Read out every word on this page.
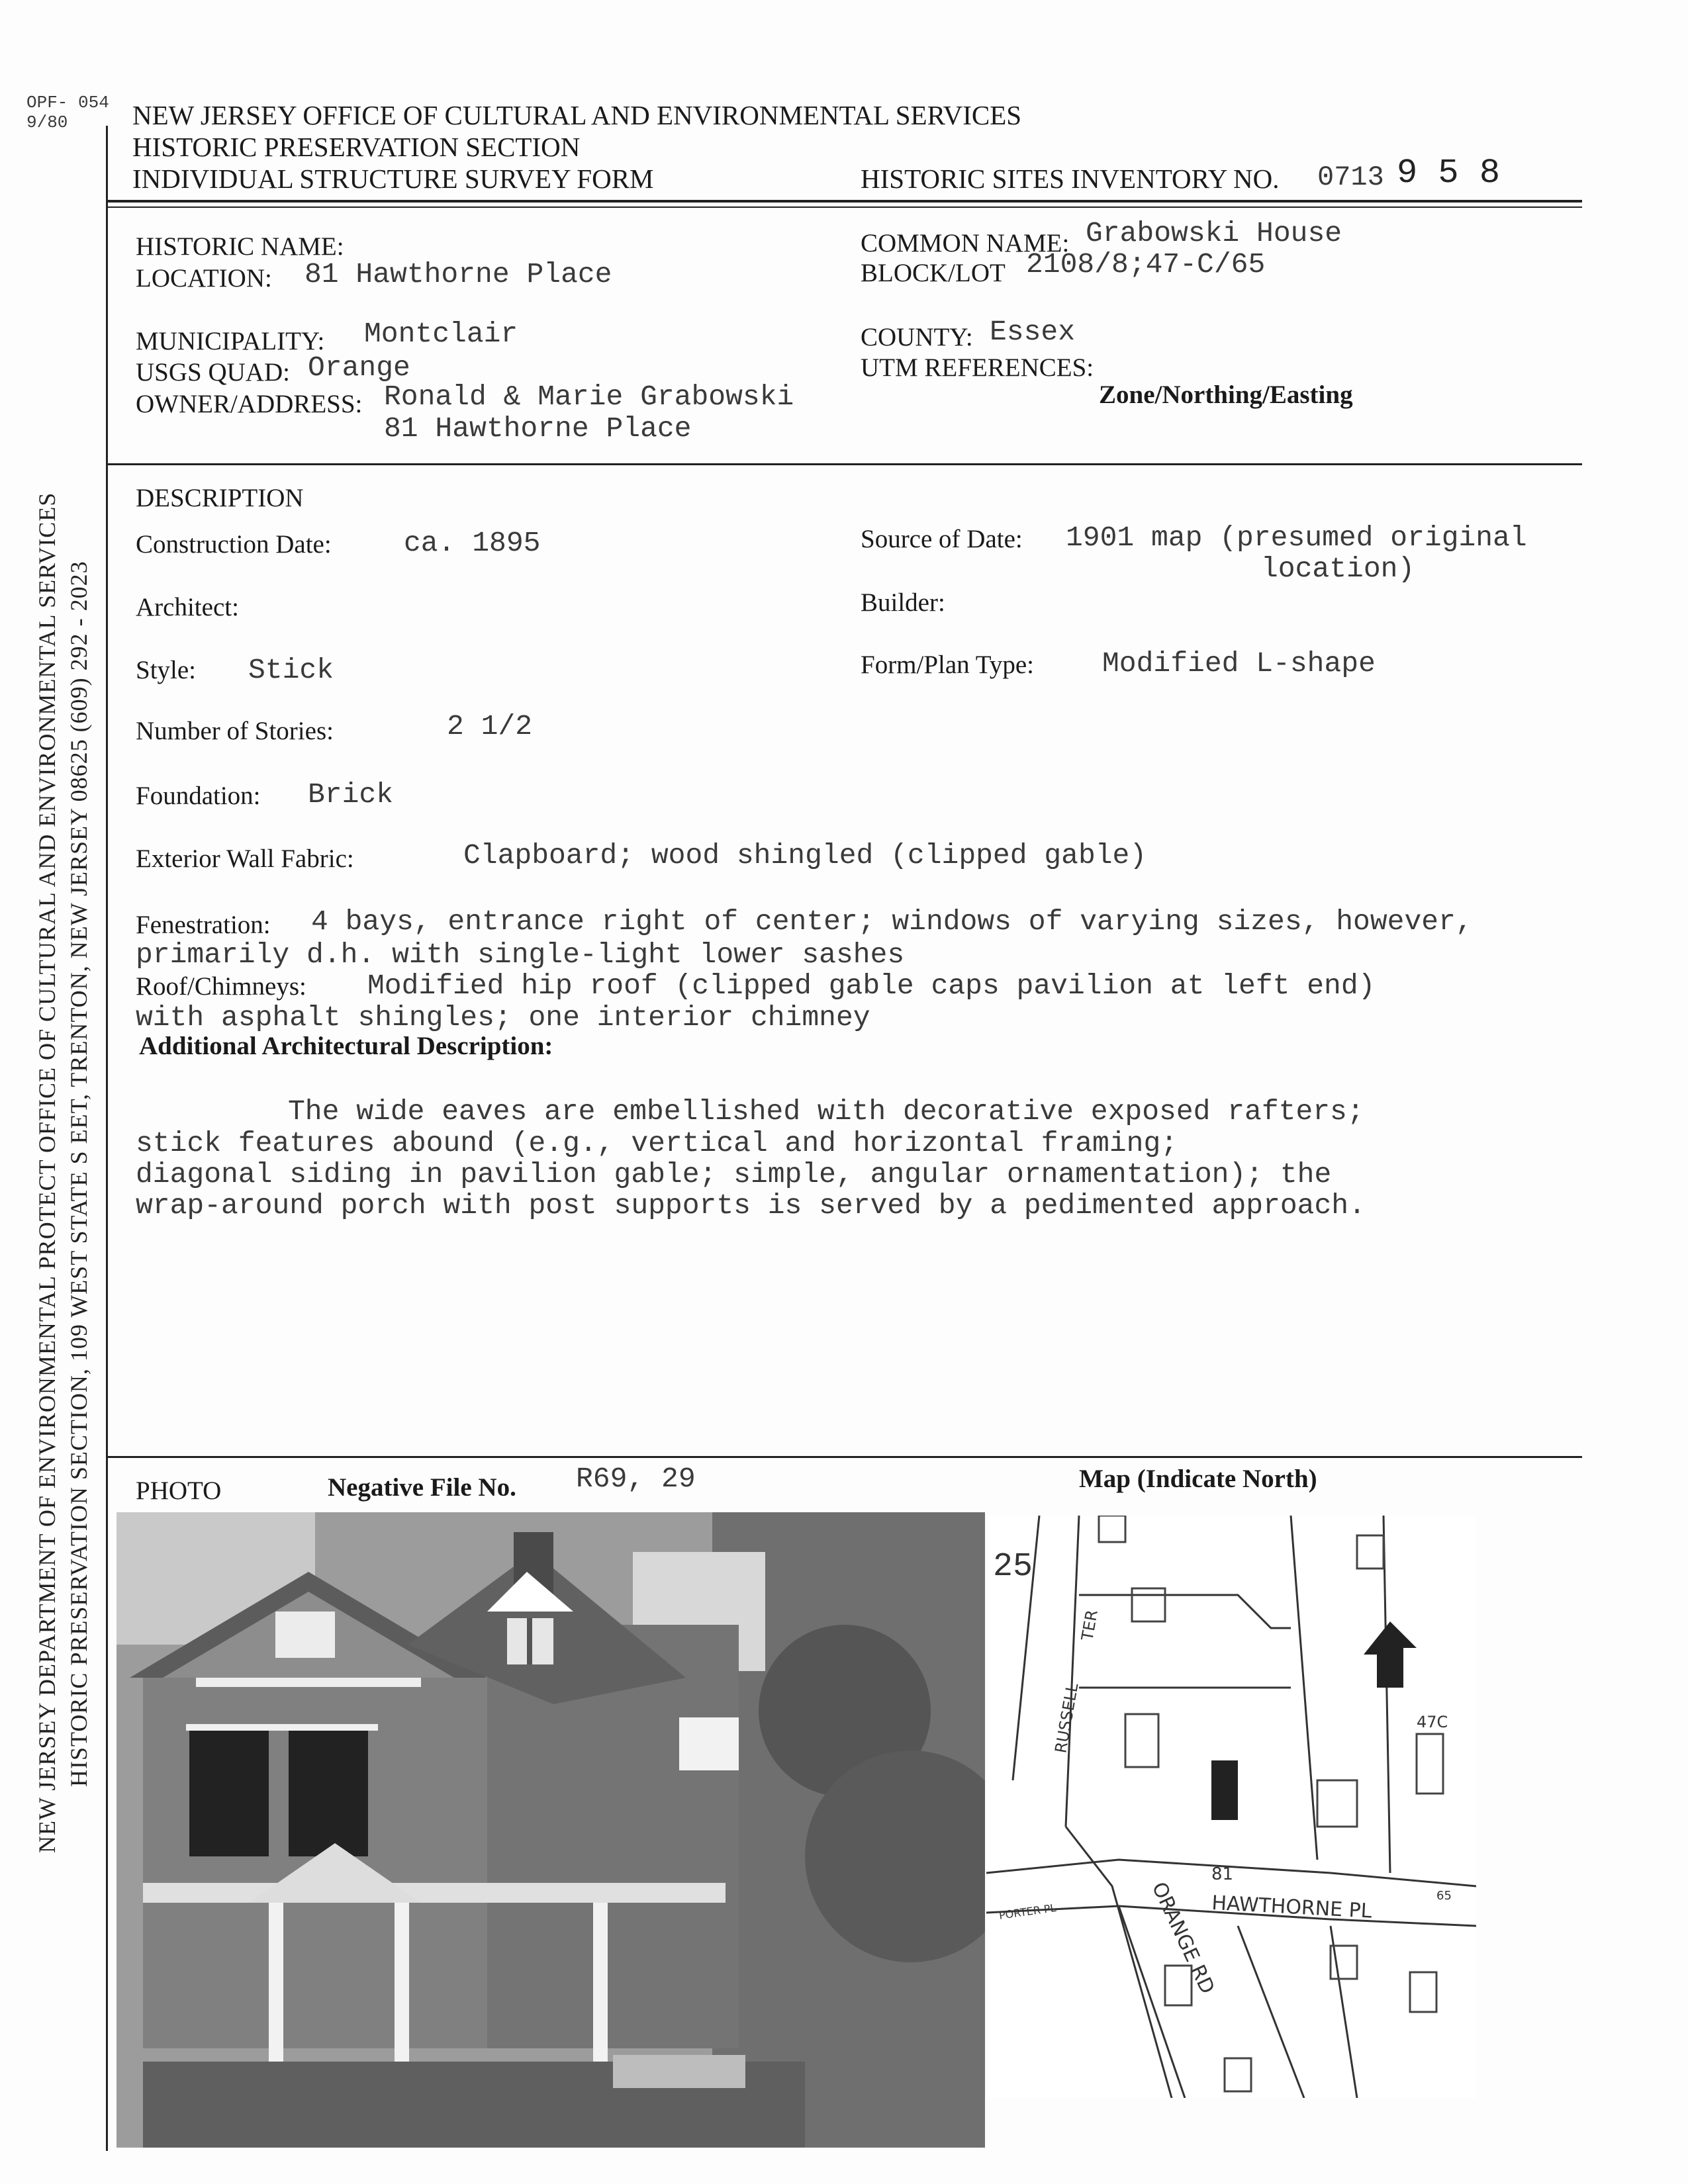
OPF- 054
9/80 NEW JERSEY OFFICE OF CULTURAL AND ENVIRONMENTAL SERVICES
HISTORIC PRESERVATION SECTION
INDIVIDUAL STRUCTURE SURVEY FORM	HISTORIC SITES INVENTORY NO. 0713 9 5 8
HISTORIC NAME:
LOCATION: 81 Hawthorne Place
COMMON NAME: Grabowski House
BLOCK/LOT 2108/8;47-C/65
MUNICIPALITY: Montclair	COUNTY: Essex
USGS QUAD: Orange	UTM REFERENCES:
Zone/Northing/Easting
OWNER/ADDRESS: Ronald & Marie Grabowski
81 Hawthorne Place
DESCRIPTION
Construction Date:	ca. 1895	Source of Date: 1901 map (presumed original
location)
Architect:	Builder:
Style: Stick	Form/Plan Type: Modified L-shape
Number of Stories:	2 1/2
Foundation: Brick
Exterior Wall Fabric:	Clapboard; wood shingled (clipped gable)
Fenestration: 4 bays, entrance right of center; windows of varying sizes, however,
primarily d.h. with single-light lower sashes
Roof/Chimneys: Modified hip roof (clipped gable caps pavilion at left end)
with asphalt shingles; one interior chimney
Additional Architectural Description:
The wide eaves are embellished with decorative exposed rafters;
stick features abound (e.g., vertical and horizontal framing;
diagonal siding in pavilion gable; simple, angular ornamentation); the
wrap-around porch with post supports is served by a pedimented approach.
PHOTO	Negative File No. R69, 29	Map (Indicate North)
25
RUSSELL
TER
HAWTHORNE PL
ORANGE RD
PORTER PL
47C
81
65
NEW JERSEY DEPARTMENT OF ENVIRONMENTAL PROTECT OFFICE OF CULTURAL AND ENVIRONMENTAL SERVICES HISTORIC PRESERVATION SECTION, 109 WEST STATE S EET, TRENTON, NEW JERSEY 08625 (609) 292 - 2023
